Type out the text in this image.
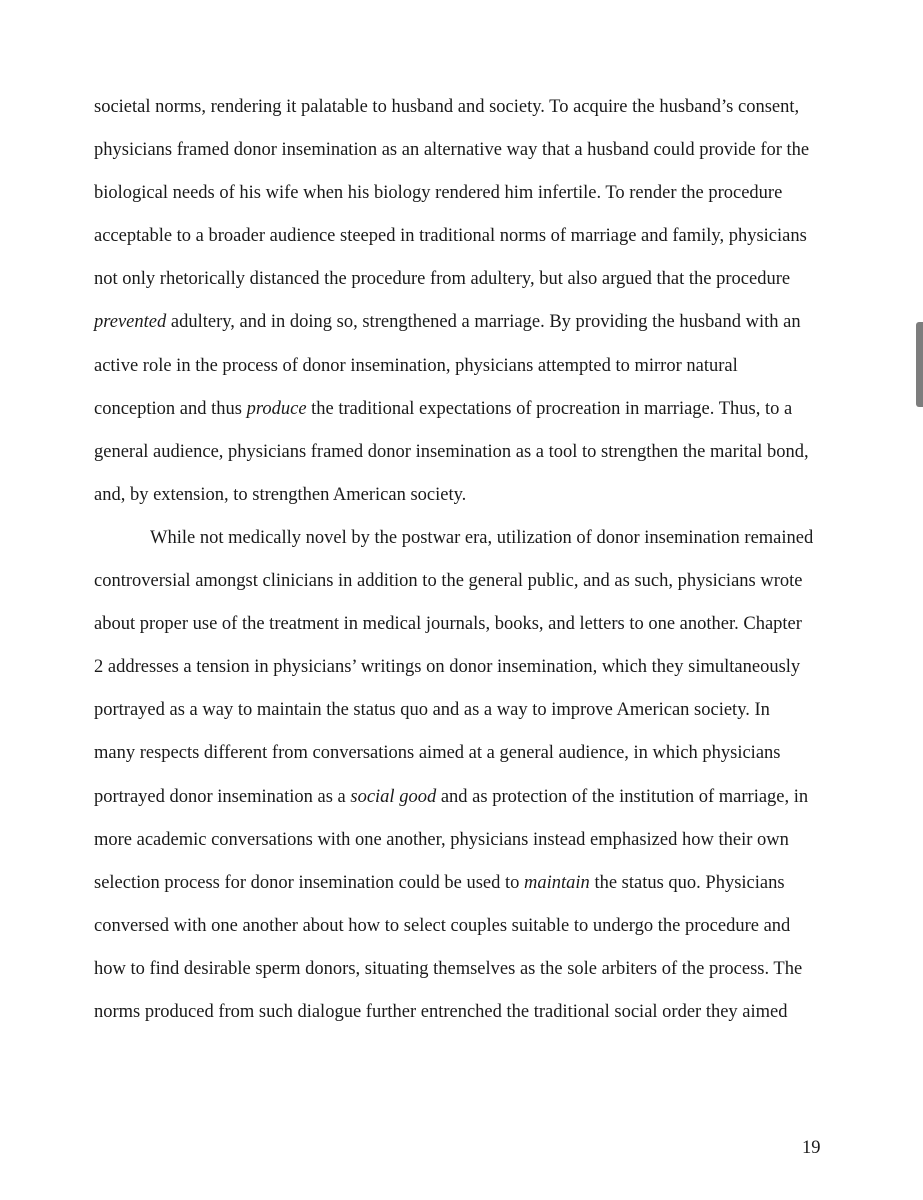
societal norms, rendering it palatable to husband and society. To acquire the husband’s consent,
physicians framed donor insemination as an alternative way that a husband could provide for the
biological needs of his wife when his biology rendered him infertile. To render the procedure
acceptable to a broader audience steeped in traditional norms of marriage and family, physicians
not only rhetorically distanced the procedure from adultery, but also argued that the procedure
prevented adultery, and in doing so, strengthened a marriage. By providing the husband with an
active role in the process of donor insemination, physicians attempted to mirror natural
conception and thus produce the traditional expectations of procreation in marriage. Thus, to a
general audience, physicians framed donor insemination as a tool to strengthen the marital bond,
and, by extension, to strengthen American society.
While not medically novel by the postwar era, utilization of donor insemination remained
controversial amongst clinicians in addition to the general public, and as such, physicians wrote
about proper use of the treatment in medical journals, books, and letters to one another. Chapter
2 addresses a tension in physicians’ writings on donor insemination, which they simultaneously
portrayed as a way to maintain the status quo and as a way to improve American society. In
many respects different from conversations aimed at a general audience, in which physicians
portrayed donor insemination as a social good and as protection of the institution of marriage, in
more academic conversations with one another, physicians instead emphasized how their own
selection process for donor insemination could be used to maintain the status quo. Physicians
conversed with one another about how to select couples suitable to undergo the procedure and
how to find desirable sperm donors, situating themselves as the sole arbiters of the process. The
norms produced from such dialogue further entrenched the traditional social order they aimed
19
